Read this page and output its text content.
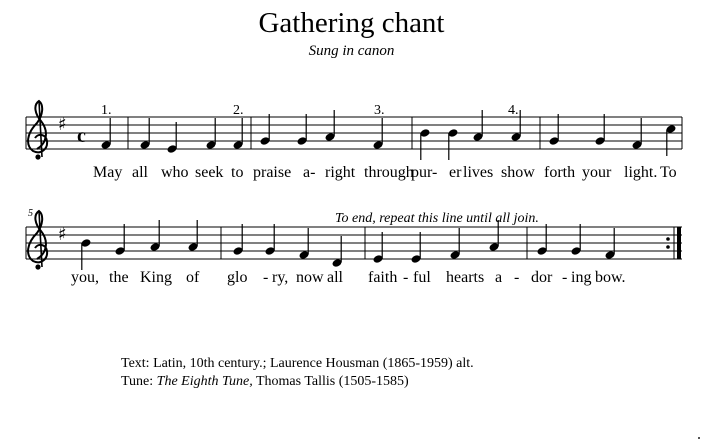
Gathering chant
Sung in canon
♯
c
1.	2.	3.	4.
May all who seek to praise a- right through
pur- er lives show forth your light. To
5
♯
To end, repeat this line until all join.
you, the King of glo - ry, now all faith - ful hearts a - dor - ing bow.
Text: Latin, 10th century.; Laurence Housman (1865-1959) alt.
Tune: The Eighth Tune, Thomas Tallis (1505-1585)
